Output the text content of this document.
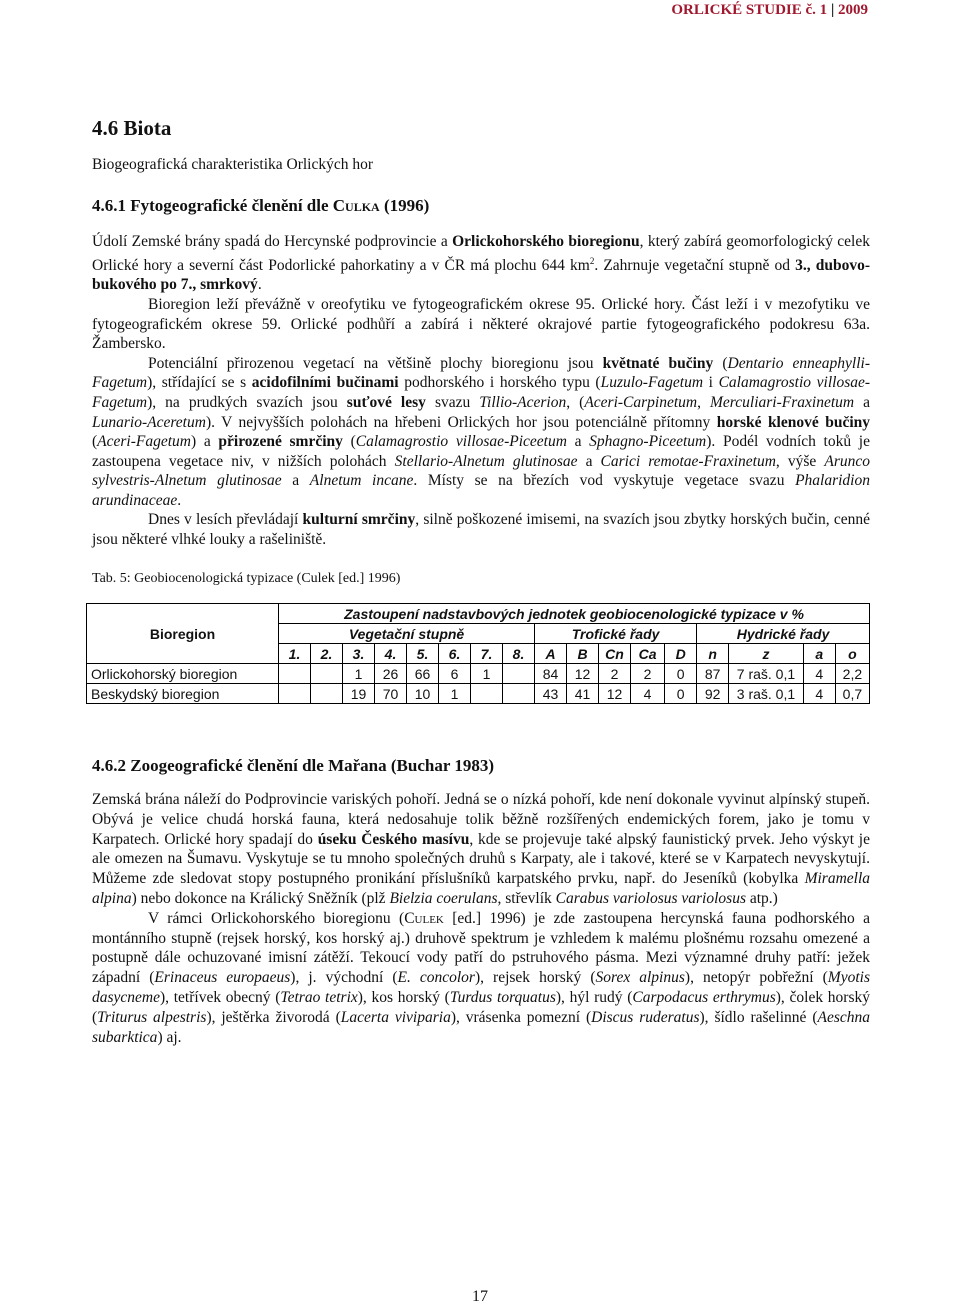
ORLICKÉ STUDIE č. 1 | 2009
4.6 Biota
Biogeografická charakteristika Orlických hor
4.6.1 Fytogeografické členění dle Culka (1996)

Údolí Zemské brány spadá do Hercynské podprovincie a Orlickohorského bioregionu, který zabírá geomorfologický celek Orlické hory a severní část Podorlické pahorkatiny a v ČR má plochu 644 $km^2$. Zahrnuje vegetační stupně od 3., dubovo-bukového po 7., smrkový.

Bioregion leží převážně v oreofytiku ve fytogeografickém okrese 95. Orlické hory. Část leží i v mezofytiku ve fytogeografickém okrese 59. Orlické podhůří a zabírá i některé okrajové partie fytogeografického podokresu 63a. Žambersko.

Potenciální přirozenou vegetací na většině plochy bioregionu jsou květnaté bučiny (Dentario enneaphylli-Fagetum), střídající se s acidofilními bučinami podhorského i horského typu (Luzulo-Fagetum i Calamagrostio villosae-Fagetum), na prudkých svazích jsou suťové lesy svazu Tillio-Acerion, (Aceri-Carpinetum, Merculiari-Fraxinetum a Lunario-Aceretum). V nejvyšších polohách na hřebeni Orlických hor jsou potenciálně přítomny horské klenové bučiny (Aceri-Fagetum) a přirozené smrčiny (Calamagrostio villosae-Piceetum a Sphagno-Piceetum). Podél vodních toků je zastoupena vegetace niv, v nižších polohách Stellario-Alnetum glutinosae a Carici remotae-Fraxinetum, výše Arunco sylvestris-Alnetum glutinosae a Alnetum incane. Místy se na březích vod vyskytuje vegetace svazu Phalaridion arundinaceae.

Dnes v lesích převládají kulturní smrčiny, silně poškozené imisemi, na svazích jsou zbytky horských bučin, cenné jsou některé vlhké louky a rašeliniště.

Tab. 5: Geobiocenologická typizace (Culek [ed.] 1996)
Bioregion	Zastoupení nadstavbových jednotek geobiocenologické typizace v %																
	Vegetační stupně								Trofické řady					Hydrické řady			
	1.	2.	3.	4.	5.	6.	7.	8.	A	B	Cn	Ca	D	n	z	a	o
Orlickohorský bioregion			1	26	66	6	1		84	12	2	2	0	87	7 raš. 0,1	4	2,2
Beskydský bioregion			19	70	10	1			43	41	12	4	0	92	3 raš. 0,1	4	0,7
4.6.2 Zoogeografické členění dle Mařana (Buchar 1983)

Zemská brána náleží do Podprovincie variských pohoří. Jedná se o nízká pohoří, kde není dokonale vyvinut alpínský stupeň. Obývá je velice chudá horská fauna, která nedosahuje tolik běžně rozšířených endemických forem, jako je tomu v Karpatech. Orlické hory spadají do úseku Českého masívu, kde se projevuje také alpský faunistický prvek. Jeho výskyt je ale omezen na Šumavu. Vyskytuje se tu mnoho společných druhů s Karpaty, ale i takové, které se v Karpatech nevyskytují. Můžeme zde sledovat stopy postupného pronikání příslušníků karpatského prvku, např. do Jeseníků (kobylka Miramella alpina) nebo dokonce na Králický Sněžník (plž Bielzia coerulans, střevlík Carabus variolosus variolosus atp.)

V rámci Orlickohorského bioregionu (Culek [ed.] 1996) je zde zastoupena hercynská fauna podhorského a montánního stupně (rejsek horský, kos horský aj.) druhově spektrum je vzhledem k malému plošnému rozsahu omezené a postupně dále ochuzované imisní zátěží. Tekoucí vody patří do pstruhového pásma. Mezi významné druhy patří: ježek západní (Erinaceus europaeus), j. východní (E. concolor), rejsek horský (Sorex alpinus), netopýr pobřežní (Myotis dasycneme), tetřívek obecný (Tetrao tetrix), kos horský (Turdus torquatus), hýl rudý (Carpodacus erthrymus), čolek horský (Triturus alpestris), ještěrka živorodá (Lacerta viviparia), vrásenka pomezní (Discus ruderatus), šídlo rašelinné (Aeschna subarktica) aj.

17
